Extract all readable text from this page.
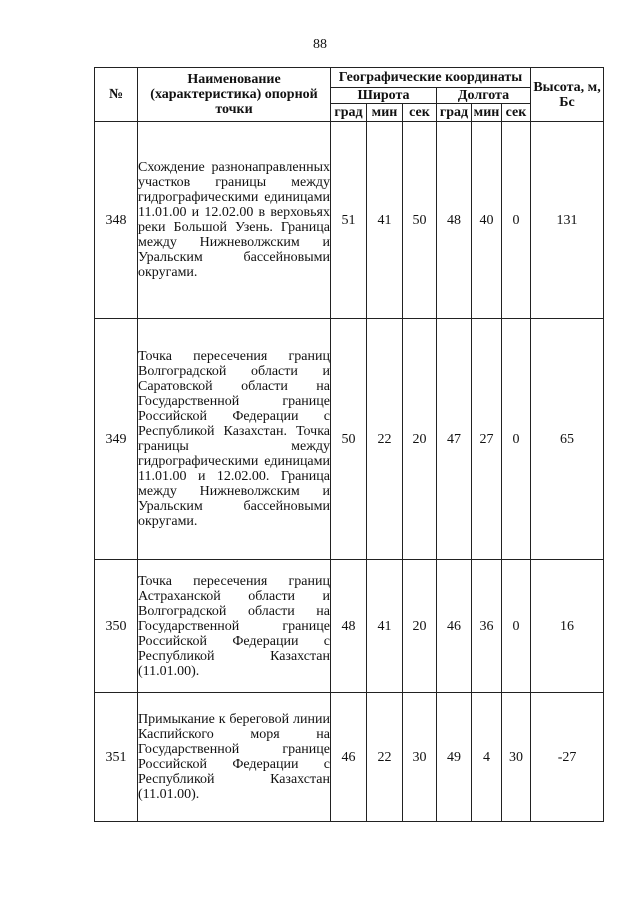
88
№	Наименование (характеристика) опорной точки	Географические координаты						Высота, м, Бс
		Широта			Долгота			
		град	мин	сек	град	мин	сек	
348	Схождение разнонаправленных участков границы между гидрографическими единицами 11.01.00 и 12.02.00 в верховьях реки Большой Узень. Граница между Нижневолжским и Уральским бассейновыми округами.	51	41	50	48	40	0	131
349	Точка пересечения границ Волгоградской области и Саратовской области на Государственной границе Российской Федерации с Республикой Казахстан. Точка границы между гидрографическими единицами 11.01.00 и 12.02.00. Граница между Нижневолжским и Уральским бассейновыми округами.	50	22	20	47	27	0	65
350	Точка пересечения границ Астраханской области и Волгоградской области на Государственной границе Российской Федерации с Республикой Казахстан (11.01.00).	48	41	20	46	36	0	16
351	Примыкание к береговой линии Каспийского моря на Государственной границе Российской Федерации с Республикой Казахстан (11.01.00).	46	22	30	49	4	30	-27
